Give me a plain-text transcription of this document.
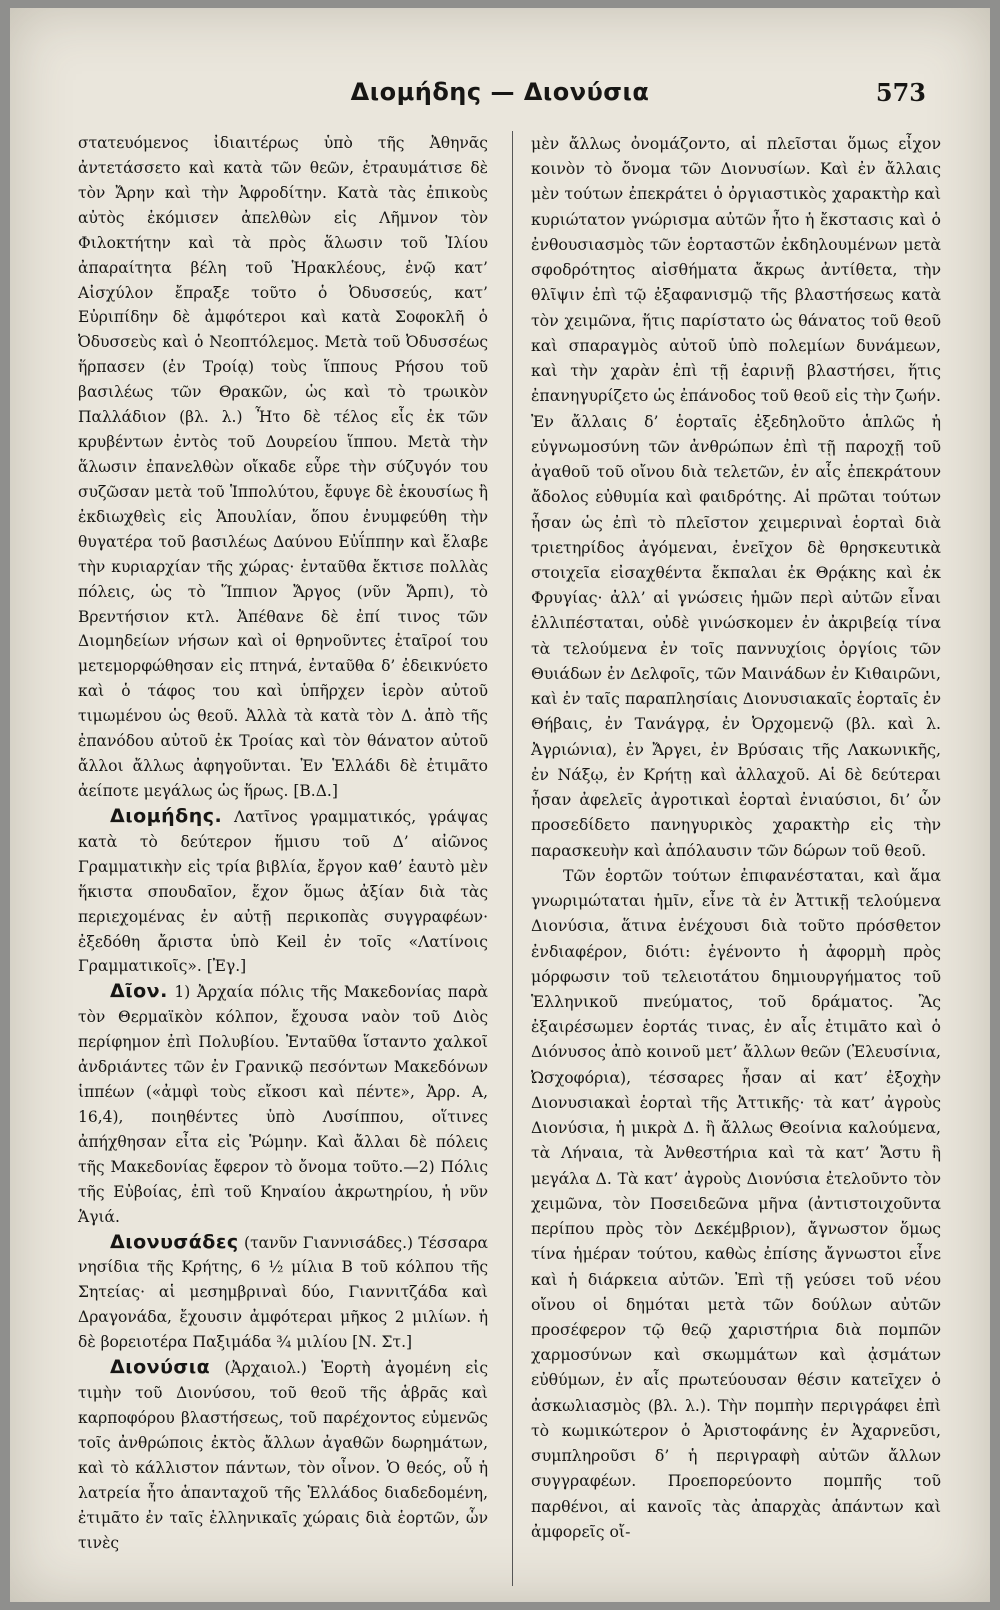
Διομήδης — Διονύσια	573

στατευόμενος ἰδιαιτέρως ὑπὸ τῆς Ἀθηνᾶς ἀντετάσσετο καὶ κατὰ τῶν θεῶν, ἐτραυμάτισε δὲ τὸν Ἄρην καὶ τὴν Ἀφροδίτην. Κατὰ τὰς ἐπικοὺς αὐτὸς ἐκόμισεν ἀπελθὼν εἰς Λῆμνον τὸν Φιλοκτήτην καὶ τὰ πρὸς ἅλωσιν τοῦ Ἰλίου ἀπαραίτητα βέλη τοῦ Ἡρακλέους, ἐνῷ κατ’ Αἰσχύλον ἔπραξε τοῦτο ὁ Ὀδυσσεύς, κατ’ Εὐριπίδην δὲ ἀμφότεροι καὶ κατὰ Σοφοκλῆ ὁ Ὀδυσσεὺς καὶ ὁ Νεοπτόλεμος. Μετὰ τοῦ Ὀδυσσέως ἥρπασεν (ἐν Τροίᾳ) τοὺς ἵππους Ρήσου τοῦ βασιλέως τῶν Θρακῶν, ὡς καὶ τὸ τρωικὸν Παλλάδιον (βλ. λ.) Ἦτο δὲ τέλος εἷς ἐκ τῶν κρυβέντων ἐντὸς τοῦ Δουρείου ἵππου. Μετὰ τὴν ἅλωσιν ἐπανελθὼν οἴκαδε εὗρε τὴν σύζυγόν του συζῶσαν μετὰ τοῦ Ἱππολύτου, ἔφυγε δὲ ἑκουσίως ἢ ἐκδιωχθεὶς εἰς Ἀπουλίαν, ὅπου ἐνυμφεύθη τὴν θυγατέρα τοῦ βασιλέως Δαύνου Εὐΐππην καὶ ἔλαβε τὴν κυριαρχίαν τῆς χώρας· ἐνταῦθα ἔκτισε πολλὰς πόλεις, ὡς τὸ Ἵππιον Ἄργος (νῦν Ἄρπι), τὸ Βρεντήσιον κτλ. Ἀπέθανε δὲ ἐπί τινος τῶν Διομηδείων νήσων καὶ οἱ θρηνοῦντες ἑταῖροί του μετεμορφώθησαν εἰς πτηνά, ἐνταῦθα δ’ ἐδεικνύετο καὶ ὁ τάφος του καὶ ὑπῆρχεν ἱερὸν αὐτοῦ τιμωμένου ὡς θεοῦ. Ἀλλὰ τὰ κατὰ τὸν Δ. ἀπὸ τῆς ἐπανόδου αὐτοῦ ἐκ Τροίας καὶ τὸν θάνατον αὐτοῦ ἄλλοι ἄλλως ἀφηγοῦνται. Ἐν Ἑλλάδι δὲ ἐτιμᾶτο ἀείποτε μεγάλως ὡς ἥρως. [Β.Δ.]

Διομήδης. Λατῖνος γραμματικός, γράψας κατὰ τὸ δεύτερον ἥμισυ τοῦ Δ’ αἰῶνος Γραμματικὴν εἰς τρία βιβλία, ἔργον καθ’ ἑαυτὸ μὲν ἥκιστα σπουδαῖον, ἔχον ὅμως ἀξίαν διὰ τὰς περιεχομένας ἐν αὐτῇ περικοπὰς συγγραφέων· ἐξεδόθη ἄριστα ὑπὸ Keil ἐν τοῖς «Λατίνοις Γραμματικοῖς». [Ἐγ.]

Δῖον. 1) Ἀρχαία πόλις τῆς Μακεδονίας παρὰ τὸν Θερμαϊκὸν κόλπον, ἔχουσα ναὸν τοῦ Διὸς περίφημον ἐπὶ Πολυβίου. Ἐνταῦθα ἵσταντο χαλκοῖ ἀνδριάντες τῶν ἐν Γρανικῷ πεσόντων Μακεδόνων ἱππέων («ἀμφὶ τοὺς εἴκοσι καὶ πέντε», Ἀρρ. Α, 16,4), ποιηθέντες ὑπὸ Λυσίππου, οἵτινες ἀπήχθησαν εἶτα εἰς Ῥώμην. Καὶ ἄλλαι δὲ πόλεις τῆς Μακεδονίας ἔφερον τὸ ὄνομα τοῦτο.—2) Πόλις τῆς Εὐβοίας, ἐπὶ τοῦ Κηναίου ἀκρωτηρίου, ἡ νῦν Ἁγιά.

Διονυσάδες (τανῦν Γιαννισάδες.) Τέσσαρα νησίδια τῆς Κρήτης, 6 ½ μίλια Β τοῦ κόλπου τῆς Σητείας· αἱ μεσημβριναὶ δύο, Γιαννιτζάδα καὶ Δραγονάδα, ἔχουσιν ἀμφότεραι μῆκος 2 μιλίων. ἡ δὲ βορειοτέρα Παξιμάδα ¾ μιλίου [Ν. Στ.]

Διονύσια (Ἀρχαιολ.) Ἑορτὴ ἀγομένη εἰς τιμὴν τοῦ Διονύσου, τοῦ θεοῦ τῆς ἁβρᾶς καὶ καρποφόρου βλαστήσεως, τοῦ παρέχοντος εὐμενῶς τοῖς ἀνθρώποις ἐκτὸς ἄλλων ἀγαθῶν δωρημάτων, καὶ τὸ κάλλιστον πάντων, τὸν οἶνον. Ὁ θεός, οὗ ἡ λατρεία ἦτο ἁπανταχοῦ τῆς Ἑλλάδος διαδεδομένη, ἐτιμᾶτο ἐν ταῖς ἑλληνικαῖς χώραις διὰ ἑορτῶν, ὧν τινὲς

μὲν ἄλλως ὀνομάζοντο, αἱ πλεῖσται ὅμως εἶχον κοινὸν τὸ ὄνομα τῶν Διονυσίων. Καὶ ἐν ἄλλαις μὲν τούτων ἐπεκράτει ὁ ὀργιαστικὸς χαρακτὴρ καὶ κυριώτατον γνώρισμα αὐτῶν ἦτο ἡ ἔκστασις καὶ ὁ ἐνθουσιασμὸς τῶν ἑορταστῶν ἐκδηλουμένων μετὰ σφοδρότητος αἰσθήματα ἄκρως ἀντίθετα, τὴν θλῖψιν ἐπὶ τῷ ἐξαφανισμῷ τῆς βλαστήσεως κατὰ τὸν χειμῶνα, ἥτις παρίστατο ὡς θάνατος τοῦ θεοῦ καὶ σπαραγμὸς αὐτοῦ ὑπὸ πολεμίων δυνάμεων, καὶ τὴν χαρὰν ἐπὶ τῇ ἐαρινῇ βλαστήσει, ἥτις ἐπανηγυρίζετο ὡς ἐπάνοδος τοῦ θεοῦ εἰς τὴν ζωήν. Ἐν ἄλλαις δ’ ἑορταῖς ἐξεδηλοῦτο ἁπλῶς ἡ εὐγνωμοσύνη τῶν ἀνθρώπων ἐπὶ τῇ παροχῇ τοῦ ἀγαθοῦ τοῦ οἴνου διὰ τελετῶν, ἐν αἷς ἐπεκράτουν ἄδολος εὐθυμία καὶ φαιδρότης. Αἱ πρῶται τούτων ἦσαν ὡς ἐπὶ τὸ πλεῖστον χειμεριναὶ ἑορταὶ διὰ τριετηρίδος ἀγόμεναι, ἐνεῖχον δὲ θρησκευτικὰ στοιχεῖα εἰσαχθέντα ἔκπαλαι ἐκ Θρᾴκης καὶ ἐκ Φρυγίας· ἀλλ’ αἱ γνώσεις ἡμῶν περὶ αὐτῶν εἶναι ἐλλιπέσταται, οὐδὲ γινώσκομεν ἐν ἀκριβείᾳ τίνα τὰ τελούμενα ἐν τοῖς παννυχίοις ὀργίοις τῶν Θυιάδων ἐν Δελφοῖς, τῶν Μαινάδων ἐν Κιθαιρῶνι, καὶ ἐν ταῖς παραπλησίαις Διονυσιακαῖς ἑορταῖς ἐν Θήβαις, ἐν Τανάγρᾳ, ἐν Ὀρχομενῷ (βλ. καὶ λ. Ἀγριώνια), ἐν Ἄργει, ἐν Βρύσαις τῆς Λακωνικῆς, ἐν Νάξῳ, ἐν Κρήτῃ καὶ ἀλλαχοῦ. Αἱ δὲ δεύτεραι ἦσαν ἀφελεῖς ἀγροτικαὶ ἑορταὶ ἐνιαύσιοι, δι’ ὧν προσεδίδετο πανηγυρικὸς χαρακτὴρ εἰς τὴν παρασκευὴν καὶ ἀπόλαυσιν τῶν δώρων τοῦ θεοῦ.

Τῶν ἑορτῶν τούτων ἐπιφανέσταται, καὶ ἅμα γνωριμώταται ἡμῖν, εἶνε τὰ ἐν Ἀττικῇ τελούμενα Διονύσια, ἅτινα ἐνέχουσι διὰ τοῦτο πρόσθετον ἐνδιαφέρον, διότι: ἐγένοντο ἡ ἀφορμὴ πρὸς μόρφωσιν τοῦ τελειοτάτου δημιουργήματος τοῦ Ἑλληνικοῦ πνεύματος, τοῦ δράματος. Ἂς ἐξαιρέσωμεν ἑορτάς τινας, ἐν αἷς ἐτιμᾶτο καὶ ὁ Διόνυσος ἀπὸ κοινοῦ μετ’ ἄλλων θεῶν (Ἐλευσίνια, Ὠσχοφόρια), τέσσαρες ἦσαν αἱ κατ’ ἐξοχὴν Διονυσιακαὶ ἑορταὶ τῆς Ἀττικῆς· τὰ κατ’ ἀγροὺς Διονύσια, ἡ μικρὰ Δ. ἢ ἄλλως Θεοίνια καλούμενα, τὰ Λήναια, τὰ Ἀνθεστήρια καὶ τὰ κατ’ Ἄστυ ἢ μεγάλα Δ. Τὰ κατ’ ἀγροὺς Διονύσια ἐτελοῦντο τὸν χειμῶνα, τὸν Ποσειδεῶνα μῆνα (ἀντιστοιχοῦντα περίπου πρὸς τὸν Δεκέμβριον), ἄγνωστον ὅμως τίνα ἡμέραν τούτου, καθὼς ἐπίσης ἄγνωστοι εἶνε καὶ ἡ διάρκεια αὐτῶν. Ἐπὶ τῇ γεύσει τοῦ νέου οἴνου οἱ δημόται μετὰ τῶν δούλων αὐτῶν προσέφερον τῷ θεῷ χαριστήρια διὰ πομπῶν χαρμοσύνων καὶ σκωμμάτων καὶ ᾀσμάτων εὐθύμων, ἐν αἷς πρωτεύουσαν θέσιν κατεῖχεν ὁ ἀσκωλιασμὸς (βλ. λ.). Τὴν πομπὴν περιγράφει ἐπὶ τὸ κωμικώτερον ὁ Ἀριστοφάνης ἐν Ἀχαρνεῦσι, συμπληροῦσι δ’ ἡ περιγραφὴ αὐτῶν ἄλλων συγγραφέων. Προεπορεύοντο πομπῆς τοῦ παρθένοι, αἱ κανοῖς τὰς ἀπαρχὰς ἁπάντων καὶ ἀμφορεῖς οἴ-
